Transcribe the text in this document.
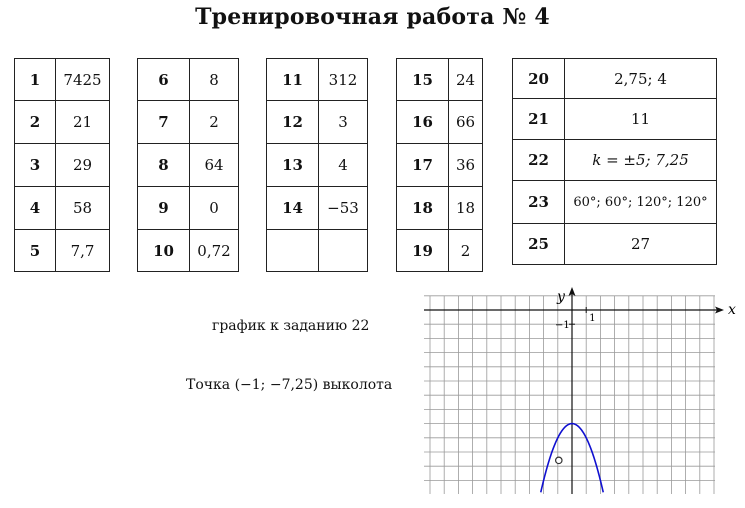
Тренировочная работа № 4
1	7425
2	21
3	29
4	58
5	7,7
6	8
7	2
8	64
9	0
10	0,72
11	312
12	3
13	4
14	−53

15	24
16	66
17	36
18	18
19	2
20	2,75; 4
21	11
22	k = ±5; 7,25
23	60°; 60°; 120°; 120°
25	27
график к заданию 22
Точка (−1; −7,25) выколота
x
y
1
−1
